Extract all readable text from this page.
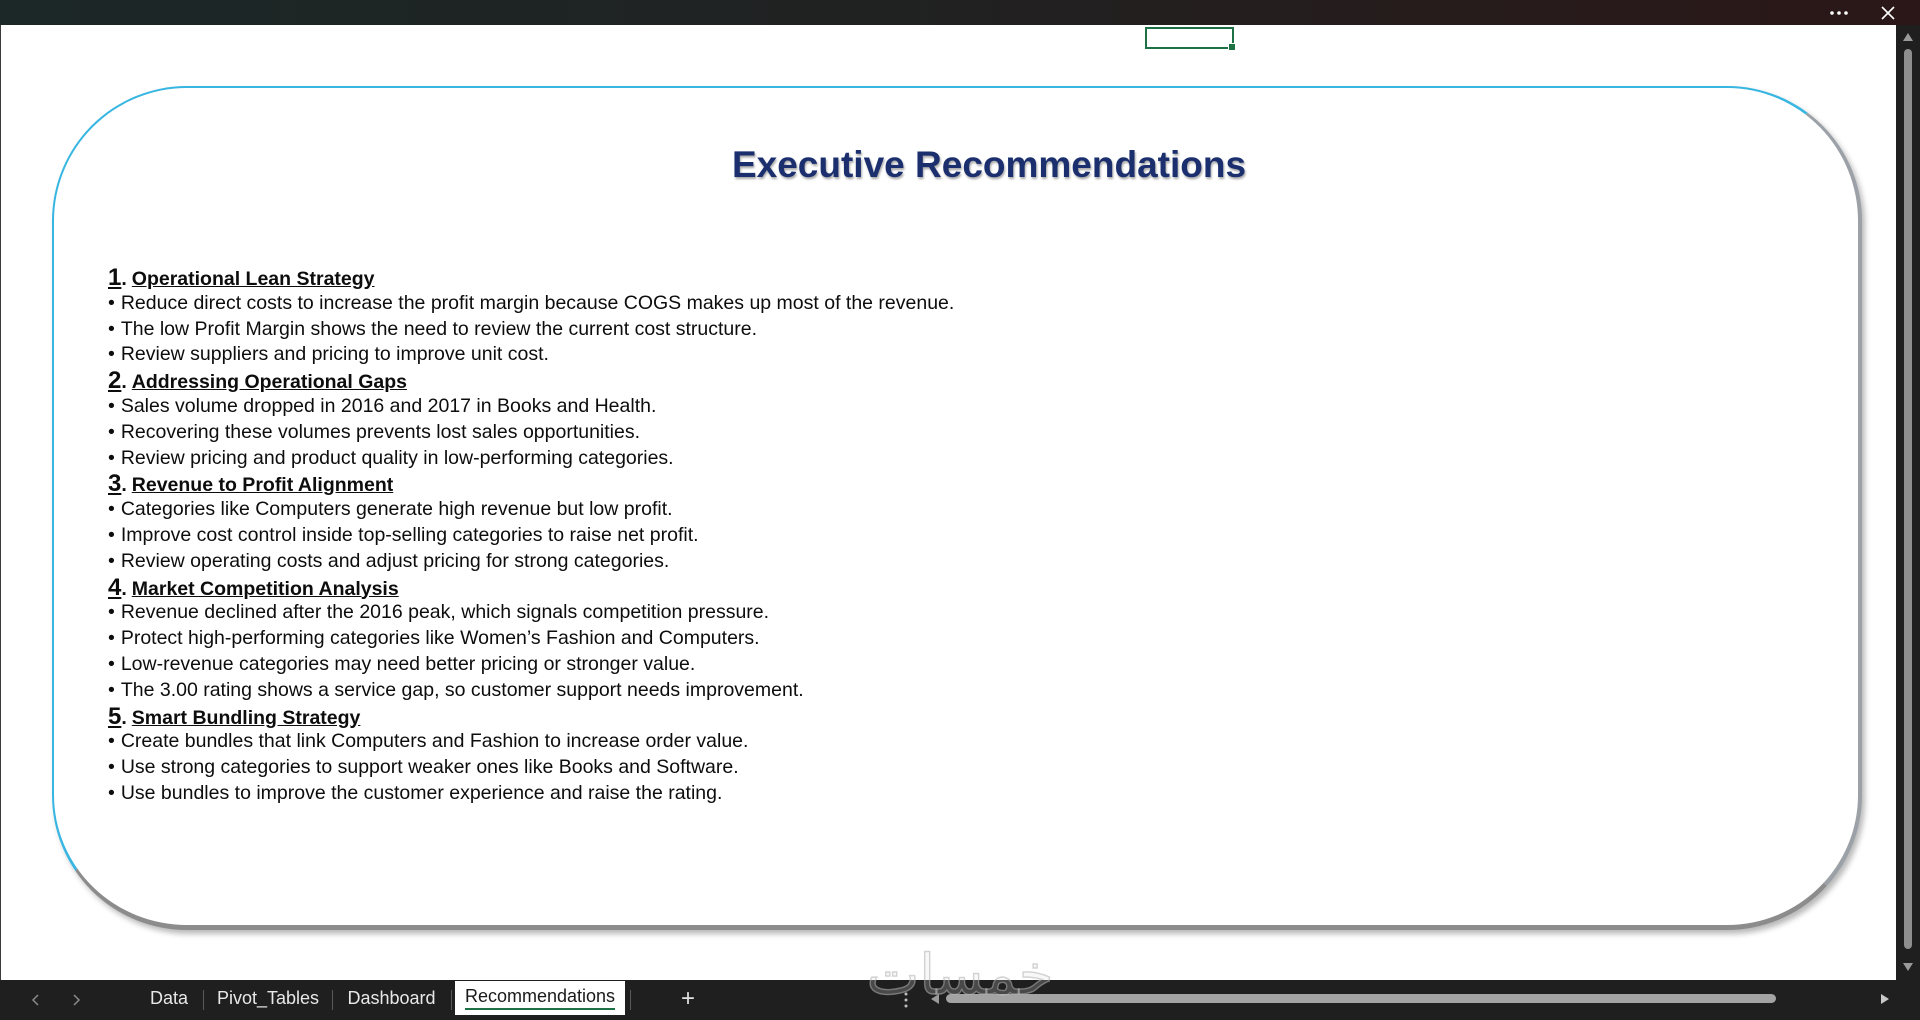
Executive Recommendations
1. Operational Lean Strategy
• Reduce direct costs to increase the profit margin because COGS makes up most of the revenue.
• The low Profit Margin shows the need to review the current cost structure.
• Review suppliers and pricing to improve unit cost.
2. Addressing Operational Gaps
• Sales volume dropped in 2016 and 2017 in Books and Health.
• Recovering these volumes prevents lost sales opportunities.
• Review pricing and product quality in low-performing categories.
3. Revenue to Profit Alignment
• Categories like Computers generate high revenue but low profit.
• Improve cost control inside top-selling categories to raise net profit.
• Review operating costs and adjust pricing for strong categories.
4. Market Competition Analysis
• Revenue declined after the 2016 peak, which signals competition pressure.
• Protect high-performing categories like Women’s Fashion and Computers.
• Low-revenue categories may need better pricing or stronger value.
• The 3.00 rating shows a service gap, so customer support needs improvement.
5. Smart Bundling Strategy
• Create bundles that link Computers and Fashion to increase order value.
• Use strong categories to support weaker ones like Books and Software.
• Use bundles to improve the customer experience and raise the rating.
Data Pivot_Tables Dashboard Recommendations	+	خمسات
